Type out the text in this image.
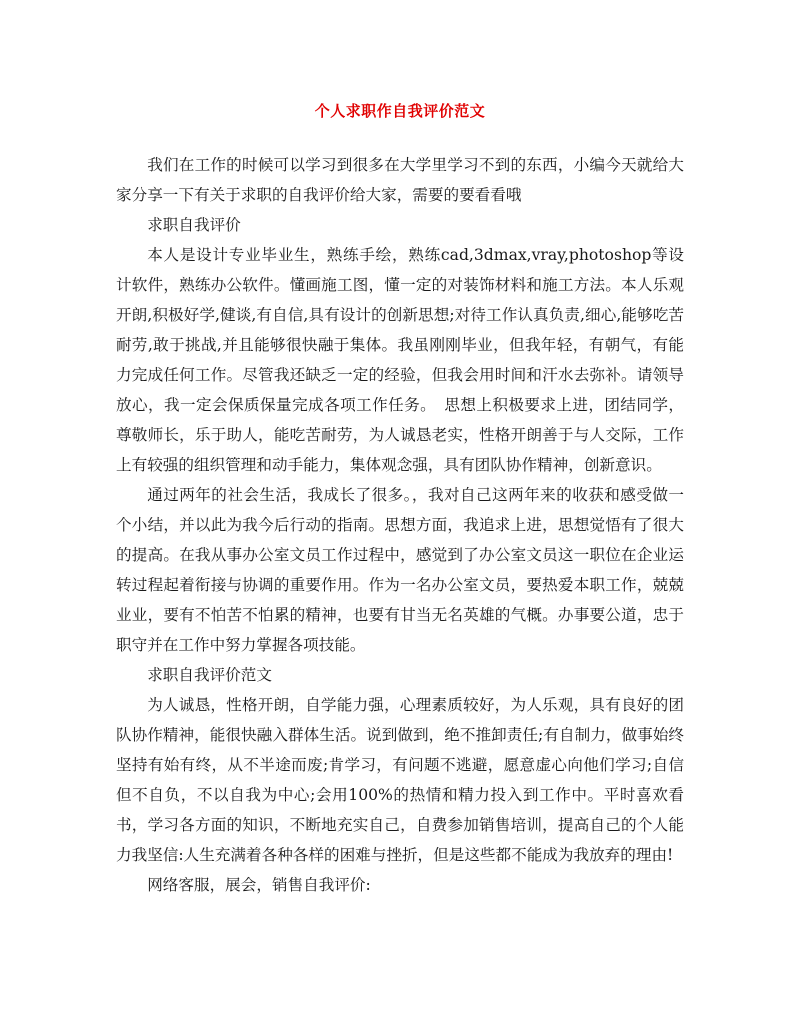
个人求职作自我评价范文

我们在工作的时候可以学习到很多在大学里学习不到的东西，小编今天就给大家分享一下有关于求职的自我评价给大家，需要的要看看哦

求职自我评价

本人是设计专业毕业生，熟练手绘，熟练cad,3dmax,vray,photoshop等设计软件，熟练办公软件。懂画施工图，懂一定的对装饰材料和施工方法。本人乐观开朗,积极好学,健谈,有自信,具有设计的创新思想;对待工作认真负责,细心,能够吃苦耐劳,敢于挑战,并且能够很快融于集体。我虽刚刚毕业，但我年轻，有朝气，有能力完成任何工作。尽管我还缺乏一定的经验，但我会用时间和汗水去弥补。请领导放心，我一定会保质保量完成各项工作任务。　思想上积极要求上进，团结同学，尊敬师长，乐于助人，能吃苦耐劳，为人诚恳老实，性格开朗善于与人交际，工作上有较强的组织管理和动手能力，集体观念强，具有团队协作精神，创新意识。

通过两年的社会生活，我成长了很多。，我对自己这两年来的收获和感受做一个小结，并以此为我今后行动的指南。思想方面，我追求上进，思想觉悟有了很大的提高。在我从事办公室文员工作过程中，感觉到了办公室文员这一职位在企业运转过程起着衔接与协调的重要作用。作为一名办公室文员，要热爱本职工作，兢兢业业，要有不怕苦不怕累的精神，也要有甘当无名英雄的气概。办事要公道，忠于职守并在工作中努力掌握各项技能。

求职自我评价范文

为人诚恳，性格开朗，自学能力强，心理素质较好，为人乐观，具有良好的团队协作精神，能很快融入群体生活。说到做到，绝不推卸责任;有自制力，做事始终坚持有始有终，从不半途而废;肯学习，有问题不逃避，愿意虚心向他们学习;自信但不自负，不以自我为中心;会用100%的热情和精力投入到工作中。平时喜欢看书，学习各方面的知识，不断地充实自己，自费参加销售培训，提高自己的个人能力我坚信:人生充满着各种各样的困难与挫折，但是这些都不能成为我放弃的理由!

网络客服，展会，销售自我评价:
